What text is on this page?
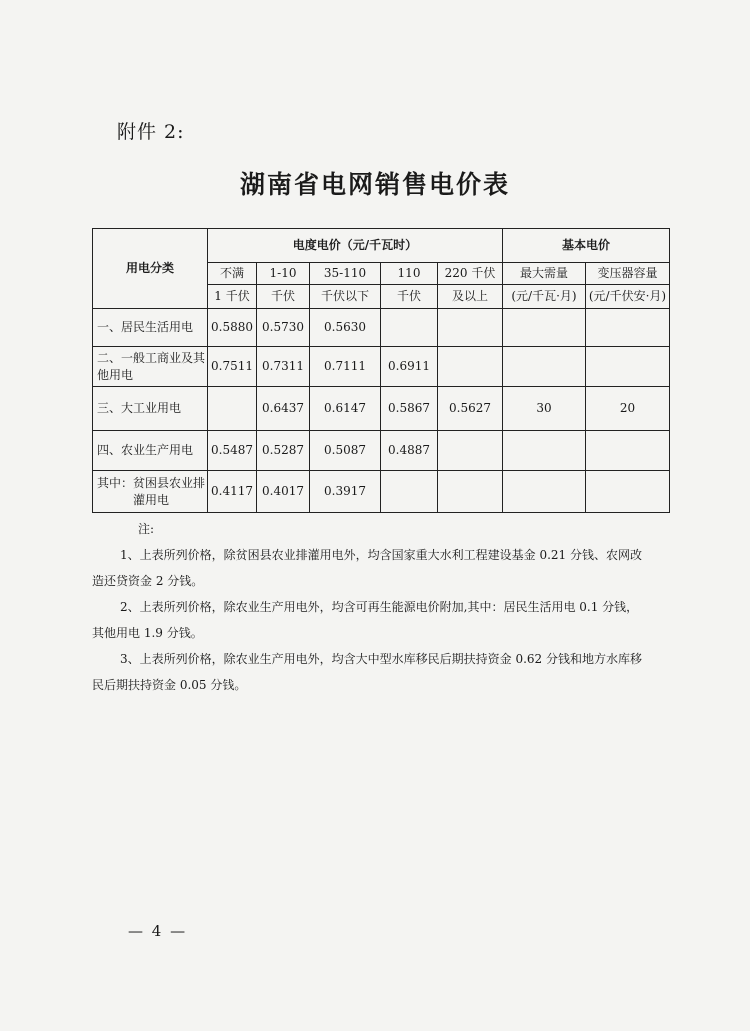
附件 2:
湖南省电网销售电价表
用电分类	电度电价（元/千瓦时）					基本电价	
	不满	1-10	35-110	110	220 千伏	最大需量	变压器容量
	1 千伏	千伏	千伏以下	千伏	及以上	(元/千瓦·月)	(元/千伏安·月)
一、居民生活用电	0.5880	0.5730	0.5630				
二、一般工商业及其他用电	0.7511	0.7311	0.7111	0.6911			
三、大工业用电		0.6437	0.6147	0.5867	0.5627	30	20
四、农业生产用电	0.5487	0.5287	0.5087	0.4887			
其中：贫困县农业排灌用电	0.4117	0.4017	0.3917				

注:

1、上表所列价格，除贫困县农业排灌用电外，均含国家重大水利工程建设基金 0.21 分钱、农网改造还贷资金 2 分钱。

2、上表所列价格，除农业生产用电外，均含可再生能源电价附加,其中：居民生活用电 0.1 分钱，其他用电 1.9 分钱。

3、上表所列价格，除农业生产用电外，均含大中型水库移民后期扶持资金 0.62 分钱和地方水库移民后期扶持资金 0.05 分钱。

— 4 —
